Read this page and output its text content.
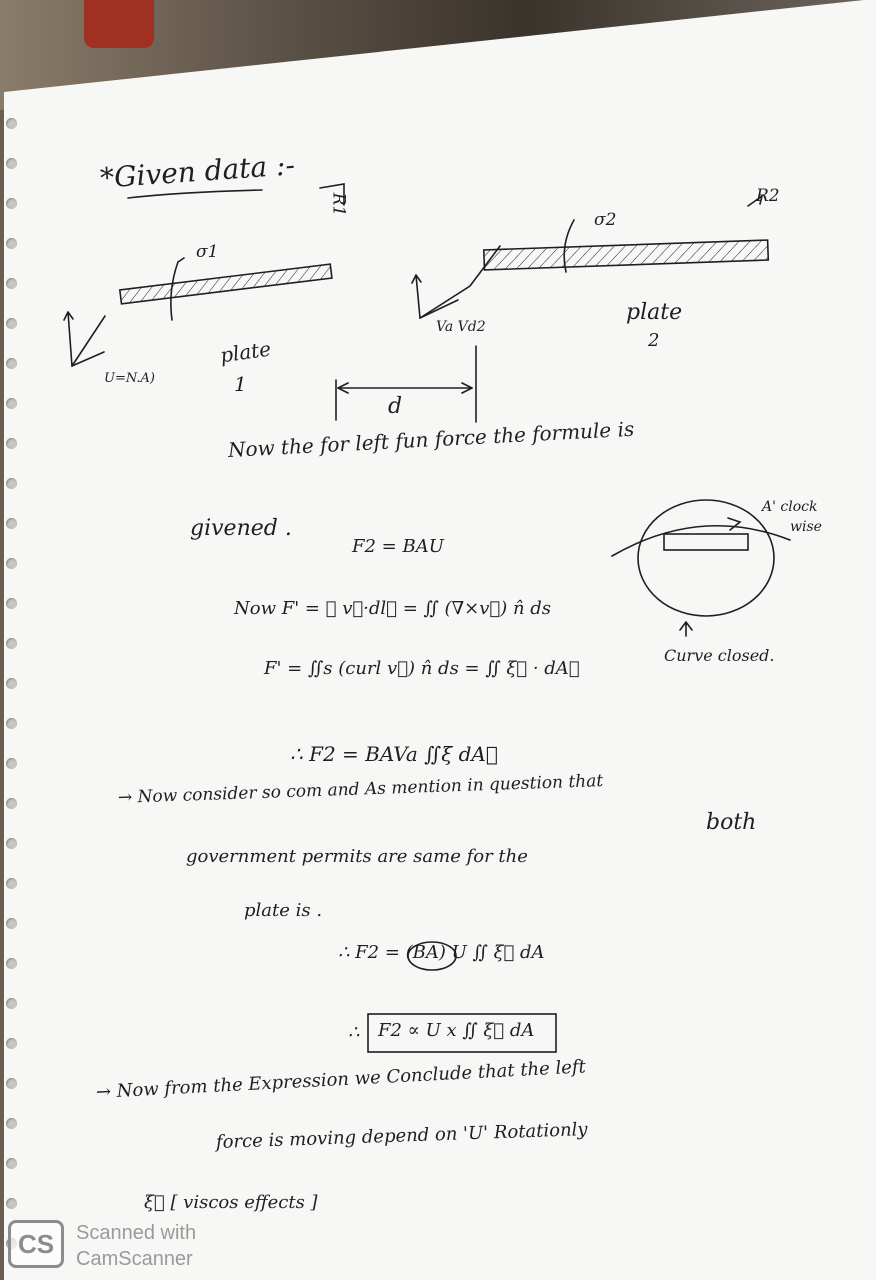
*Given data :-
R1	R2
σ1
σ2
plate
1
plate
2
U=N.A)
Va Vd2
d
A' clock
wise
Curve closed.
Now the for left fun force the formule is
givened .
F2 = BAU
Now F' = ∮ v⃗·dl⃗ = ∬ (∇×v⃗) n̂ ds
F' = ∬s (curl v⃗) n̂ ds = ∬ ξ⃗ · dA⃗
∴ F2 = BAVa ∬ξ dA⃗
→ Now consider so com and As mention in question that
both
government permits are same for the
plate is .
∴ F2 = (BA) U ∬ ξ⃗ dA
∴ F2 ∝ U x ∬ ξ⃗ dA
→ Now from the Expression we Conclude that the left
force is moving depend on 'U' Rotationly
ξ⃗ [ viscos effects ]
CS	Scanned with
CamScanner
